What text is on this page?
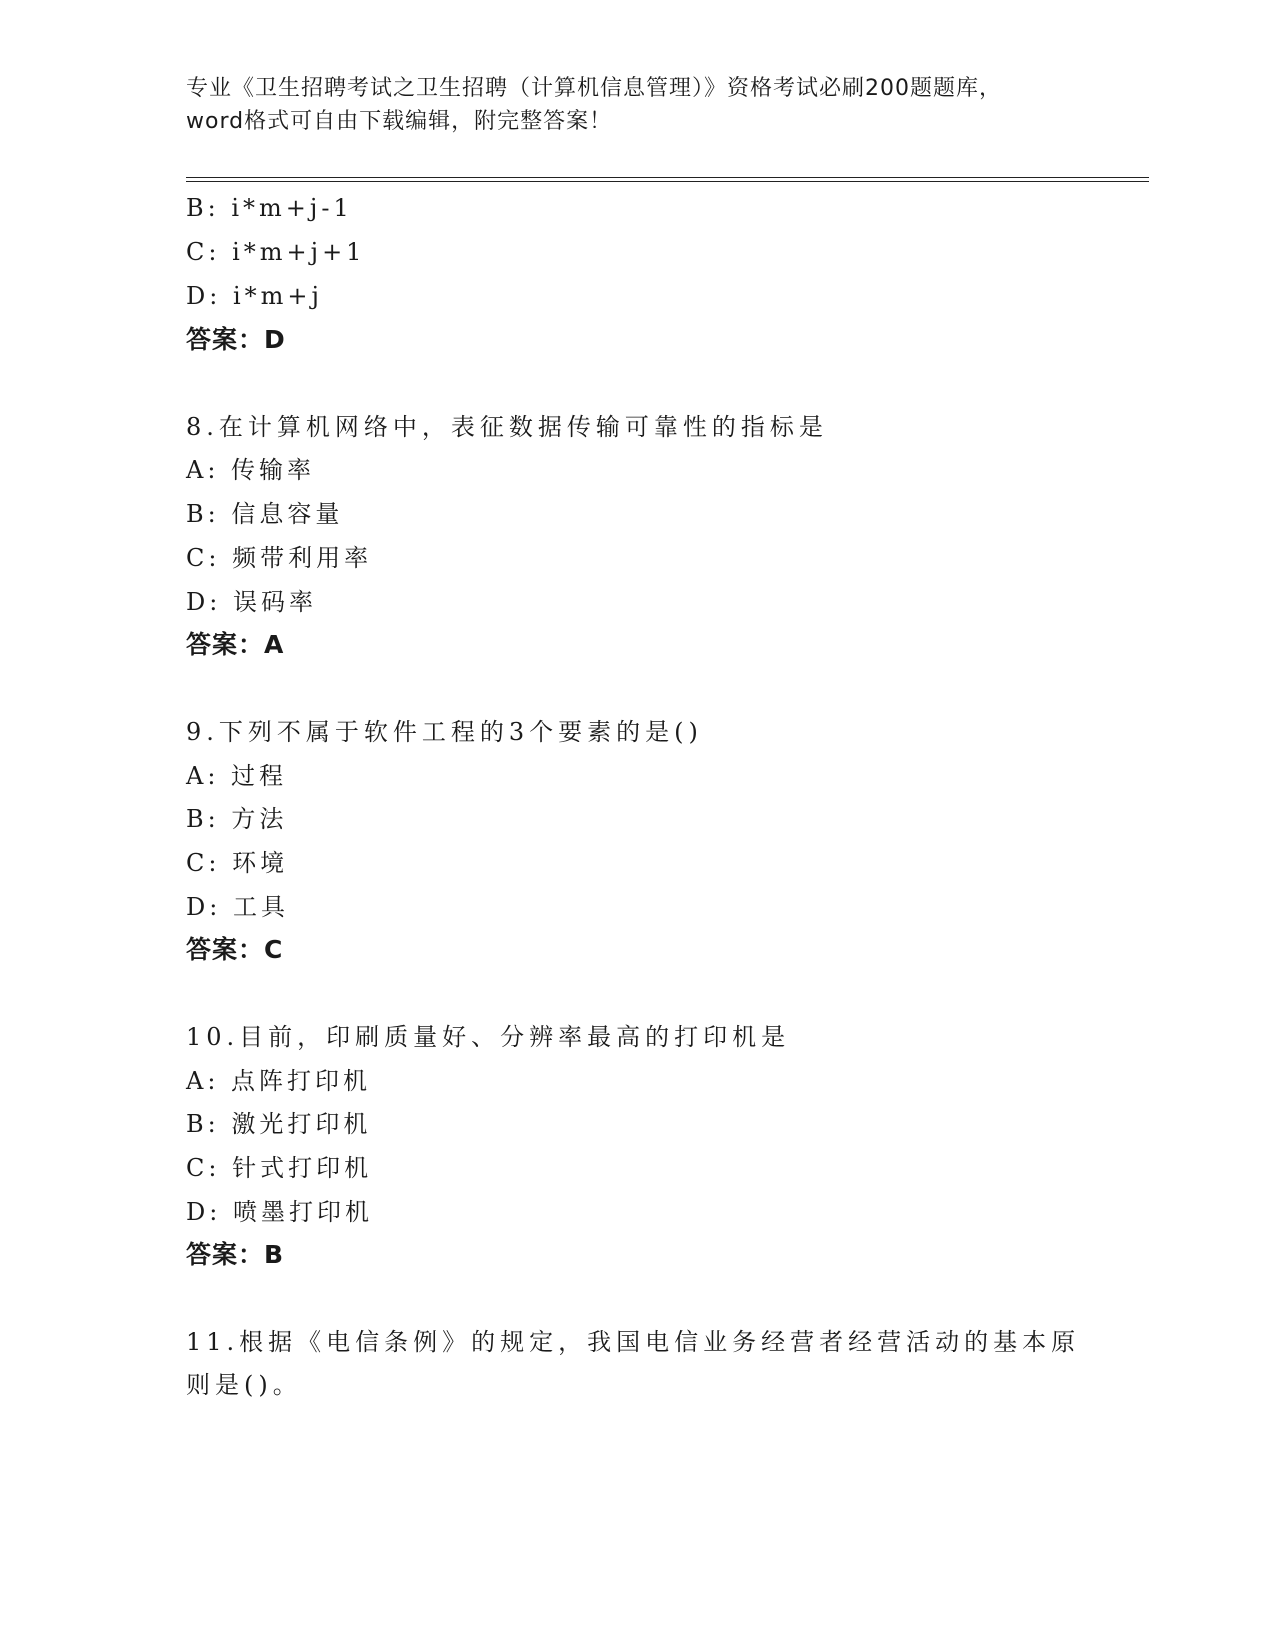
专业《卫生招聘考试之卫生招聘（计算机信息管理）》资格考试必刷200题题库，
word格式可自由下载编辑，附完整答案！
B: i*m+j-1
C: i*m+j+1
D: i*m+j
答案：D
8.在计算机网络中，表征数据传输可靠性的指标是
A: 传输率
B: 信息容量
C: 频带利用率
D: 误码率
答案：A
9.下列不属于软件工程的3个要素的是()
A: 过程
B: 方法
C: 环境
D: 工具
答案：C
10.目前，印刷质量好、分辨率最高的打印机是
A: 点阵打印机
B: 激光打印机
C: 针式打印机
D: 喷墨打印机
答案：B
11.根据《电信条例》的规定，我国电信业务经营者经营活动的基本原
则是()。
